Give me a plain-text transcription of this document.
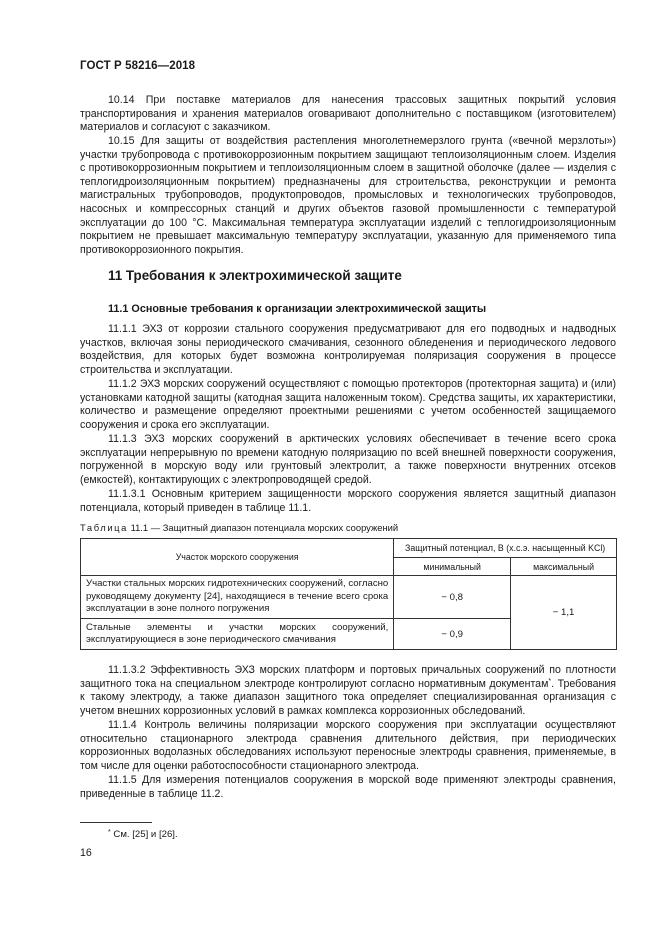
ГОСТ Р 58216—2018

10.14 При поставке материалов для нанесения трассовых защитных покрытий условия транспортирования и хранения материалов оговаривают дополнительно с поставщиком (изготовителем) материалов и согласуют с заказчиком.

10.15 Для защиты от воздействия растепления многолетнемерзлого грунта («вечной мерзлоты») участки трубопровода с противокоррозионным покрытием защищают теплоизоляционным слоем. Изделия с противокоррозионным покрытием и теплоизоляционным слоем в защитной оболочке (далее — изделия с теплогидроизоляционным покрытием) предназначены для строительства, реконструкции и ремонта магистральных трубопроводов, продуктопроводов, промысловых и технологических трубопроводов, насосных и компрессорных станций и других объектов газовой промышленности с температурой эксплуатации до 100 °С. Максимальная температура эксплуатации изделий с теплогидроизоляционным покрытием не превышает максимальную температуру эксплуатации, указанную для применяемого типа противокоррозионного покрытия.

11 Требования к электрохимической защите
11.1 Основные требования к организации электрохимической защиты

11.1.1 ЭХЗ от коррозии стального сооружения предусматривают для его подводных и надводных участков, включая зоны периодического смачивания, сезонного обледенения и периодического ледового воздействия, для которых будет возможна контролируемая поляризация сооружения в процессе строительства и эксплуатации.

11.1.2 ЭХЗ морских сооружений осуществляют с помощью протекторов (протекторная защита) и (или) установками катодной защиты (катодная защита наложенным током). Средства защиты, их характеристики, количество и размещение определяют проектными решениями с учетом особенностей защищаемого сооружения и срока его эксплуатации.

11.1.3 ЭХЗ морских сооружений в арктических условиях обеспечивает в течение всего срока эксплуатации непрерывную по времени катодную поляризацию по всей внешней поверхности сооружения, погруженной в морскую воду или грунтовый электролит, а также поверхности внутренних отсеков (емкостей), контактирующих с электропроводящей средой.

11.1.3.1 Основным критерием защищенности морского сооружения является защитный диапазон потенциала, который приведен в таблице 11.1.

Таблица 11.1 — Защитный диапазон потенциала морских сооружений
Участок морского сооружения	Защитный потенциал, В (х.с.э. насыщенный KCl)	
	минимальный	максимальный
Участки стальных морских гидротехнических сооружений, согласно руководящему документу [24], находящиеся в течение всего срока эксплуатации в зоне полного погружения	− 0,8	− 1,1
Стальные элементы и участки морских сооружений, эксплуатирующиеся в зоне периодического смачивания	− 0,9	

11.1.3.2 Эффективность ЭХЗ морских платформ и портовых причальных сооружений по плотности защитного тока на специальном электроде контролируют согласно нормативным документам*. Требования к такому электроду, а также диапазон защитного тока определяет специализированная организация с учетом внешних коррозионных условий в рамках комплекса коррозионных обследований.

11.1.4 Контроль величины поляризации морского сооружения при эксплуатации осуществляют относительно стационарного электрода сравнения длительного действия, при периодических коррозионных водолазных обследованиях используют переносные электроды сравнения, применяемые, в том числе для оценки работоспособности стационарного электрода.

11.1.5 Для измерения потенциалов сооружения в морской воде применяют электроды сравнения, приведенные в таблице 11.2.

* См. [25] и [26].
16
